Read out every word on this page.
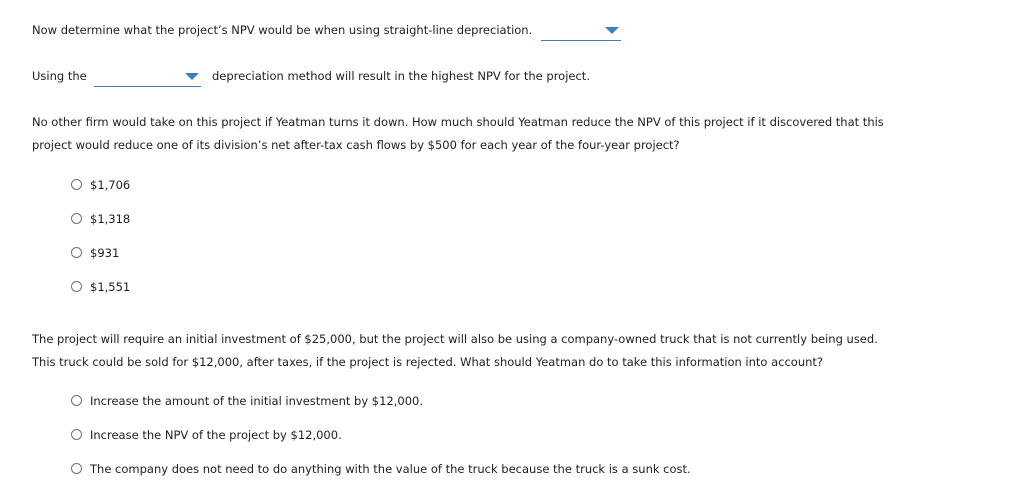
Now determine what the project’s NPV would be when using straight-line depreciation.
Using the	depreciation method will result in the highest NPV for the project.
No other firm would take on this project if Yeatman turns it down. How much should Yeatman reduce the NPV of this project if it discovered that this
project would reduce one of its division’s net after-tax cash flows by $500 for each year of the four-year project?
$1,706
$1,318
$931
$1,551
The project will require an initial investment of $25,000, but the project will also be using a company-owned truck that is not currently being used.
This truck could be sold for $12,000, after taxes, if the project is rejected. What should Yeatman do to take this information into account?
Increase the amount of the initial investment by $12,000.
Increase the NPV of the project by $12,000.
The company does not need to do anything with the value of the truck because the truck is a sunk cost.
